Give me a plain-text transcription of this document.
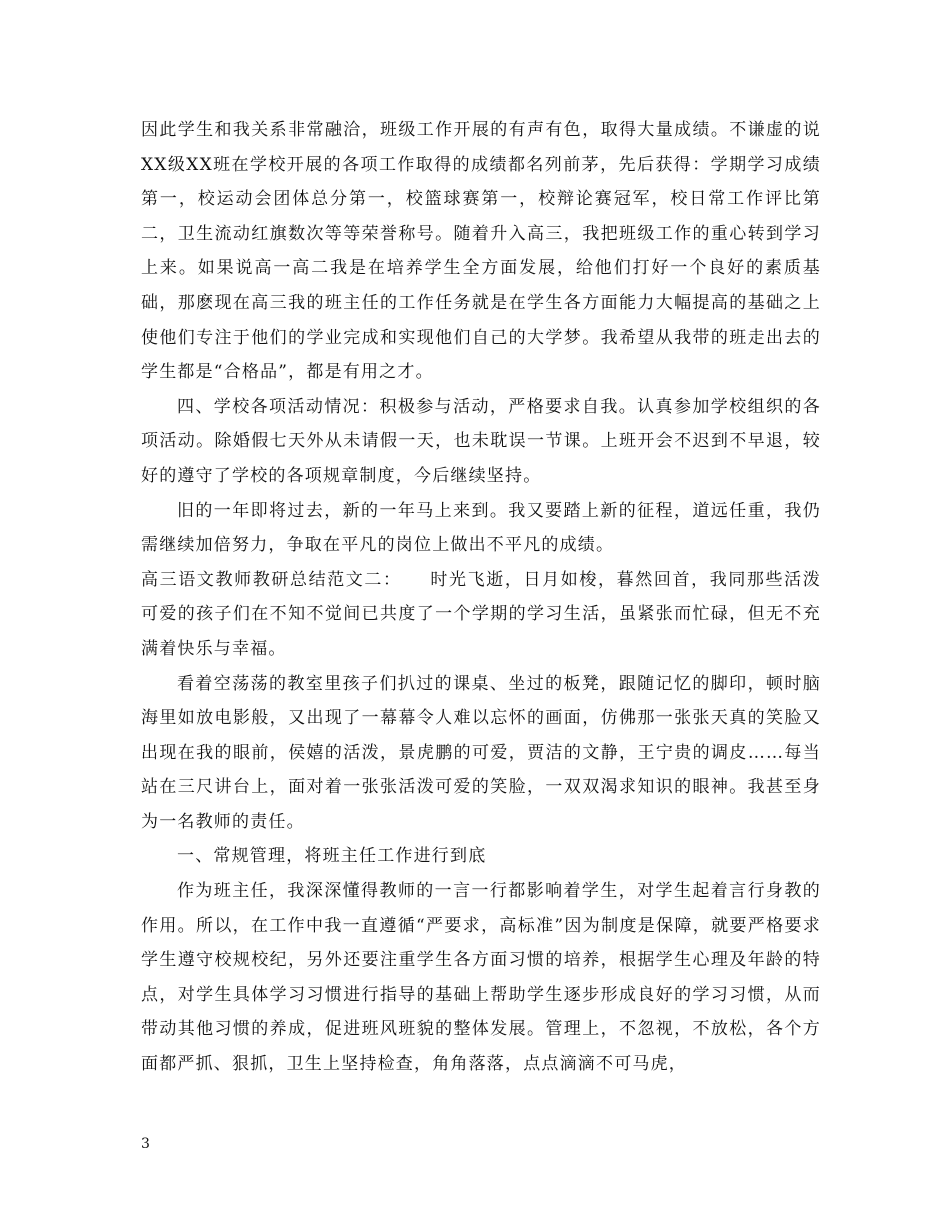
因此学生和我关系非常融洽，班级工作开展的有声有色，取得大量成绩。不谦虚的说XX级XX班在学校开展的各项工作取得的成绩都名列前茅，先后获得：学期学习成绩第一，校运动会团体总分第一，校篮球赛第一，校辩论赛冠军，校日常工作评比第二，卫生流动红旗数次等等荣誉称号。随着升入高三，我把班级工作的重心转到学习上来。如果说高一高二我是在培养学生全方面发展，给他们打好一个良好的素质基础，那麽现在高三我的班主任的工作任务就是在学生各方面能力大幅提高的基础之上使他们专注于他们的学业完成和实现他们自己的大学梦。我希望从我带的班走出去的学生都是“合格品”，都是有用之才。

四、学校各项活动情况：积极参与活动，严格要求自我。认真参加学校组织的各项活动。除婚假七天外从未请假一天，也未耽误一节课。上班开会不迟到不早退，较好的遵守了学校的各项规章制度，今后继续坚持。

旧的一年即将过去，新的一年马上来到。我又要踏上新的征程，道远任重，我仍需继续加倍努力，争取在平凡的岗位上做出不平凡的成绩。

高三语文教师教研总结范文二：　　时光飞逝，日月如梭，暮然回首，我同那些活泼可爱的孩子们在不知不觉间已共度了一个学期的学习生活，虽紧张而忙碌，但无不充满着快乐与幸福。

看着空荡荡的教室里孩子们扒过的课桌、坐过的板凳，跟随记忆的脚印，顿时脑海里如放电影般，又出现了一幕幕令人难以忘怀的画面，仿佛那一张张天真的笑脸又出现在我的眼前，侯嬉的活泼，景虎鹏的可爱，贾洁的文静，王宁贵的调皮……每当站在三尺讲台上，面对着一张张活泼可爱的笑脸，一双双渴求知识的眼神。我甚至身为一名教师的责任。

一、常规管理，将班主任工作进行到底

作为班主任，我深深懂得教师的一言一行都影响着学生，对学生起着言行身教的作用。所以，在工作中我一直遵循“严要求，高标准”因为制度是保障，就要严格要求学生遵守校规校纪，另外还要注重学生各方面习惯的培养，根据学生心理及年龄的特点，对学生具体学习习惯进行指导的基础上帮助学生逐步形成良好的学习习惯，从而带动其他习惯的养成，促进班风班貌的整体发展。管理上，不忽视，不放松，各个方面都严抓、狠抓，卫生上坚持检查，角角落落，点点滴滴不可马虎，

3
